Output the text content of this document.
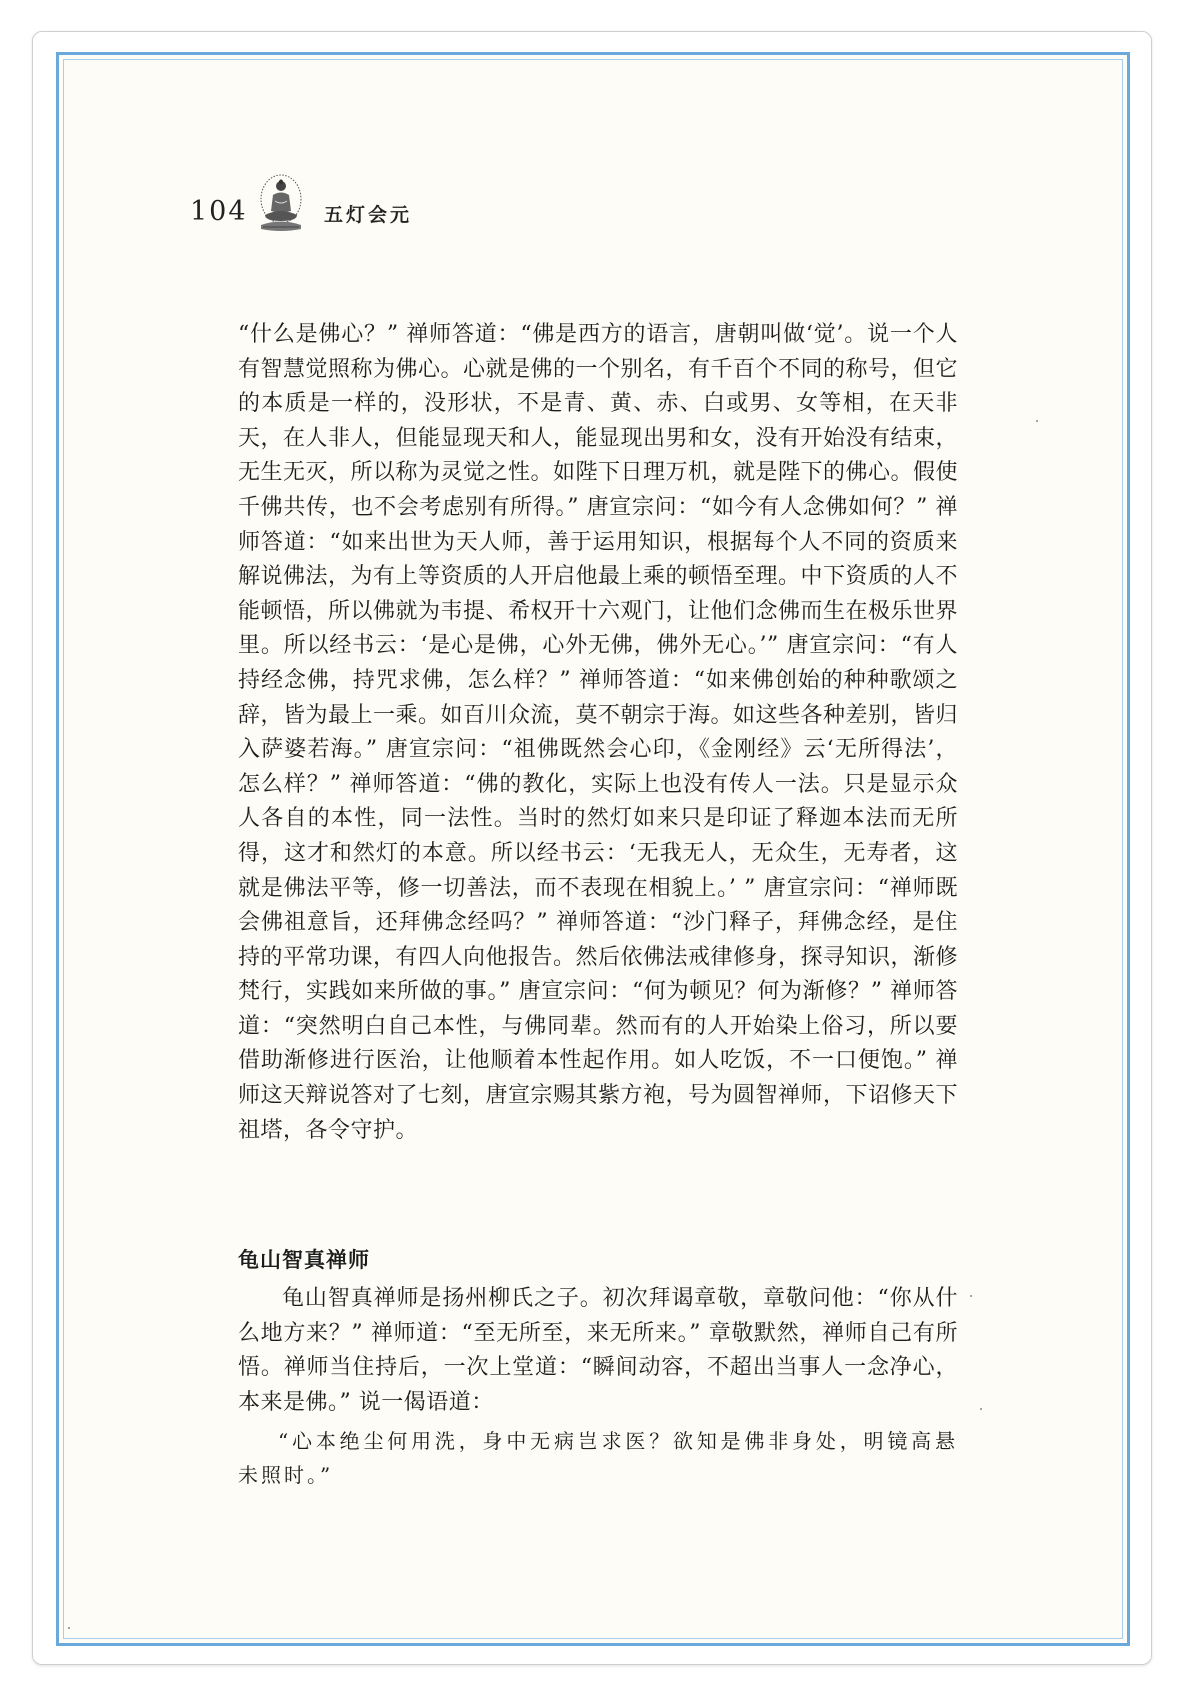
104	五灯会元

“什么是佛心？” 禅师答道：“佛是西方的语言，唐朝叫做‘觉’。说一个人有智慧觉照称为佛心。心就是佛的一个别名，有千百个不同的称号，但它的本质是一样的，没形状，不是青、黄、赤、白或男、女等相，在天非天，在人非人，但能显现天和人，能显现出男和女，没有开始没有结束，无生无灭，所以称为灵觉之性。如陛下日理万机，就是陛下的佛心。假使千佛共传，也不会考虑别有所得。” 唐宣宗问：“如今有人念佛如何？” 禅师答道：“如来出世为天人师，善于运用知识，根据每个人不同的资质来解说佛法，为有上等资质的人开启他最上乘的顿悟至理。中下资质的人不能顿悟，所以佛就为韦提、希权开十六观门，让他们念佛而生在极乐世界里。所以经书云：‘是心是佛，心外无佛，佛外无心。’” 唐宣宗问：“有人持经念佛，持咒求佛，怎么样？” 禅师答道：“如来佛创始的种种歌颂之辞，皆为最上一乘。如百川众流，莫不朝宗于海。如这些各种差别，皆归入萨婆若海。” 唐宣宗问：“祖佛既然会心印，《金刚经》云‘无所得法’，怎么样？” 禅师答道：“佛的教化，实际上也没有传人一法。只是显示众人各自的本性，同一法性。当时的然灯如来只是印证了释迦本法而无所得，这才和然灯的本意。所以经书云：‘无我无人，无众生，无寿者，这就是佛法平等，修一切善法，而不表现在相貌上。’ ” 唐宣宗问：“禅师既会佛祖意旨，还拜佛念经吗？” 禅师答道：“沙门释子，拜佛念经，是住持的平常功课，有四人向他报告。然后依佛法戒律修身，探寻知识，渐修梵行，实践如来所做的事。” 唐宣宗问：“何为顿见？何为渐修？” 禅师答道：“突然明白自己本性，与佛同辈。然而有的人开始染上俗习，所以要借助渐修进行医治，让他顺着本性起作用。如人吃饭，不一口便饱。” 禅师这天辩说答对了七刻，唐宣宗赐其紫方袍，号为圆智禅师，下诏修天下祖塔，各令守护。

龟山智真禅师
龟山智真禅师是扬州柳氏之子。初次拜谒章敬，章敬问他：“你从什么地方来？” 禅师道：“至无所至，来无所来。” 章敬默然，禅师自己有所悟。禅师当住持后，一次上堂道：“瞬间动容，不超出当事人一念净心，本来是佛。” 说一偈语道：
“心本绝尘何用洗，身中无病岂求医？欲知是佛非身处，明镜高悬未照时。”
